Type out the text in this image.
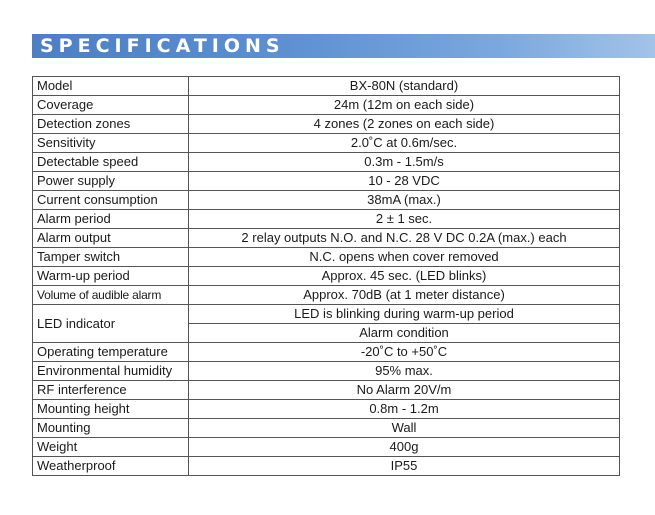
SPECIFICATIONS
Model	BX-80N (standard)
Coverage	24m (12m on each side)
Detection zones	4 zones (2 zones on each side)
Sensitivity	2.0˚C at 0.6m/sec.
Detectable speed	0.3m - 1.5m/s
Power supply	10 - 28 VDC
Current consumption	38mA (max.)
Alarm period	2 ± 1 sec.
Alarm output	2 relay outputs N.O. and N.C. 28 V DC 0.2A (max.) each
Tamper switch	N.C. opens when cover removed
Warm-up period	Approx. 45 sec. (LED blinks)
Volume of audible alarm	Approx. 70dB (at 1 meter distance)
LED indicator	LED is blinking during warm-up period
	Alarm condition
Operating temperature	-20˚C to +50˚C
Environmental humidity	95% max.
RF interference	No Alarm 20V/m
Mounting height	0.8m - 1.2m
Mounting	Wall
Weight	400g
Weatherproof	IP55
